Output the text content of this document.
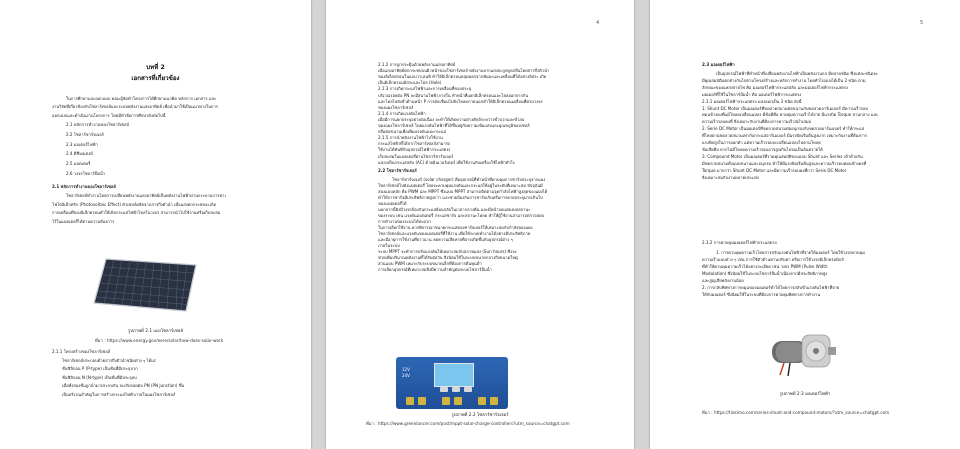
บทที่ 2
เอกสารที่เกี่ยวข้อง
ในการศึกษาและออกแบบ คณะผู้จัดทำโครงการได้ศึกษาแนวคิด หลักการ เอกสาร และ
งานวิจัยที่เกี่ยวข้องกับโซลาร์เซลล์และระบบพลังงานแสงอาทิตย์ เพื่อนำมาใช้เป็นแนวทางในการ
ออกแบบและดำเนินงานโครงการ โดยมีหัวข้อการศึกษาดังต่อไปนี้
2.1 หลักการทำงานของโซลาร์เซลล์
2.2 โซลาร์ชาร์จเจอร์
2.3 มอเตอร์ไฟฟ้า
2.4 ดีซีมอเตอร์
2.5 แบตเตอรี่
2.6 วงจรโซลาร์ปั๊มน้ำ
2.1 หลักการทำงานของโซลาร์เซลล์
โซลาร์เซลล์ทำงานโดยการเปลี่ยนพลังงานแสงอาทิตย์เป็นพลังงานไฟฟ้าผ่านกระบวนการทาง
โฟโตอิเล็กทริก (Photovoltaic Effect) ตัวเซลล์ผลิตจากสารกึ่งตัวนำ เมื่อแสงตกกระทบจะเกิด
การเคลื่อนที่ของอิเล็กตรอนทำให้เกิดกระแสไฟฟ้าไหลในวงจร สามารถนำไปใช้งานหรือเก็บสะสม
ไว้ในแบตเตอรี่ได้ตามความต้องการ
รูปภาพที่ 2.1 แผงโซลาร์เซลล์
ที่มา : https://www.energy.gov/eere/solar/how-does-solar-work
2.1.1 โครงสร้างของโซลาร์เซลล์
โซลาร์เซลล์ประกอบด้วยสารกึ่งตัวนำชนิดต่าง ๆ ได้แก่
ชั้นซิลิกอน P (P-type) เป็นชั้นที่มีประจุบวก
ชั้นซิลิกอน N (N-type) เป็นชั้นที่มีประจุลบ
เมื่อทั้งสองชั้นถูกนำมาประกบกัน จะเกิดรอยต่อ PN (PN Junction) ขึ้น
เป็นบริเวณสำคัญในการสร้างกระแสไฟฟ้าภายในแผงโซลาร์เซลล์
4
2.1.2 การถูกกระตุ้นด้วยพลังงานแสงอาทิตย์
เมื่อแสงอาทิตย์ตกกระทบบนผิวหน้าของโซลาร์เซลล์ พลังงานจากแสงจะถูกดูดกลืนโดยสารกึ่งตัวนำ
ของอิเล็กตรอนในแถบวาเลนซ์ ทำให้อิเล็กตรอนหลุดออกจากพันธะและเคลื่อนที่ได้อย่างอิสระ เกิด
เป็นอิเล็กตรอนอิสระและโฮล (Hole)
2.1.3 การเกิดกระแสไฟฟ้าและการเคลื่อนที่ของประจุ
บริเวณรอยต่อ PN จะมีสนามไฟฟ้าภายใน ทำหน้าที่แยกอิเล็กตรอนและโฮลออกจากกัน
และไหลไปยังขั้วด้านหน้า P การต่อเชื่อมไปยังโหลดภายนอกทำให้อิเล็กตรอนเคลื่อนที่ครบวงจร
ของแผงโซลาร์เซลล์
2.1.4 การเกิดแรงดันไฟฟ้า
เมื่อมีการแยกประจุอย่างต่อเนื่อง จะทำให้เกิดความต่างศักย์ระหว่างขั้วบวกและขั้วลบ
ของแผงโซลาร์เซลล์ โดยแรงดันไฟฟ้าที่ได้ขึ้นอยู่กับความเข้มแสงและอุณหภูมิของเซลล์
หรือต่อขนานเพื่อเพิ่มแรงดันและกระแส
2.1.5 การนำพลังงานไฟฟ้าไปใช้งาน
กระแสไฟฟ้าที่ได้จากโซลาร์เซลล์สามารถ
ใช้งานได้ทันทีกับอุปกรณ์ไฟฟ้ากระแสตรง
เก็บสะสมในแบตเตอรี่ผ่านโซลาร์ชาร์จเจอร์
แปลงเป็นกระแสสลับ (AC) ด้วยอินเวอร์เตอร์ เพื่อใช้งานกับเครื่องใช้ไฟฟ้าทั่วไป
2.2 โซลาร์ชาร์จเจอร์
โซลาร์ชาร์จเจอร์ (solar charger) คืออุปกรณ์ที่ทำหน้าที่ควบคุมการชาร์จประจุจากแผง
โซลาร์เซลล์ไปยังแบตเตอรี่ โดยจะควบคุมแรงดันและกระแสให้อยู่ในระดับที่เหมาะสม ปัจจุบันมี
สองแบบหลัก คือ PWM และ MPPT ซึ่งแบบ MPPT สามารถติดตามจุดกำลังไฟฟ้าสูงสุดของแผงได้
ทำให้การชาร์จมีประสิทธิภาพสูงกว่า และช่วยป้องกันการชาร์จเกินหรือการคายประจุมากเกินไป
ของแบตเตอรี่ได้
นอกจากนี้ยังมีวงจรป้องกันกระแสย้อนกลับในเวลากลางคืน และมีหน้าจอแสดงผลสถานะ
ของระบบ เช่น แรงดันแบตเตอรี่ กระแสชาร์จ และสถานะโหลด ทำให้ผู้ใช้งานสามารถตรวจสอบ
การทำงานของระบบได้สะดวก
ในการเลือกใช้งาน ควรพิจารณาขนาดกระแสของชาร์จเจอร์ให้เหมาะสมกับกำลังของแผง
โซลาร์เซลล์และแรงดันของแบตเตอรี่ที่ใช้งาน เพื่อให้ระบบทำงานได้อย่างมีประสิทธิภาพ
และมีอายุการใช้งานที่ยาวนาน ลดความเสียหายที่อาจเกิดขึ้นกับอุปกรณ์ต่าง ๆ
ภายในระบบ
ระบบ MPPT จะทำการปรับแรงดันให้เหมาะสมกับสภาพแสง (Sun hours) ซึ่งจะ
ช่วยเพิ่มปริมาณพลังงานที่ได้รับต่อวัน จึงนิยมใช้ในระบบขนาดกลางถึงขนาดใหญ่
ส่วนแบบ PWM เหมาะกับระบบขนาดเล็กที่ต้องการต้นทุนต่ำ
การเลือกอุปกรณ์ที่เหมาะสมจึงมีความสำคัญต่อระบบโซลาร์ปั๊มน้ำ
12V
24V
รูปภาพที่ 2.2 โซลาร์ชาร์จเจอร์
ที่มา : https://www.greenlancer.com/post/mppt-solar-charge-controllers?utm_source=chatgpt.com
5
2.3 มอเตอร์ไฟฟ้า
เป็นอุปกรณ์ไฟฟ้าที่ทำหน้าที่เปลี่ยนพลังงานไฟฟ้าเป็นพลังงานกล มีหลายชนิด ซึ่งแต่ละชนิดจะ
มีคุณสมบัติแตกต่างกันไปตามโครงสร้างและหลักการทำงาน โดยทั่วไปแบ่งได้เป็น 2 ชนิด ตาม
ลักษณะของแหล่งจ่ายไฟ คือ มอเตอร์ไฟฟ้ากระแสสลับ และมอเตอร์ไฟฟ้ากระแสตรง
มอเตอร์ที่ใช้ในโซลาร์ปั๊มน้ำ คือ มอเตอร์ไฟฟ้ากระแสตรง
2.3.1 มอเตอร์ไฟฟ้ากระแสตรง แบ่งออกเป็น 3 ชนิด ดังนี้
1. Shunt DC Motor เป็นมอเตอร์ที่ขดลวดสนามต่อขนานกับขดลวดอาร์เมเจอร์ มีความเร็วรอบ
ค่อนข้างคงที่แม้โหลดเปลี่ยนแปลง มีข้อดีคือ ควบคุมความเร็วได้ง่าย มีแรงบิด Torque ปานกลาง และ
ความเร็วรอบคงที่ จึงเหมาะกับงานที่ต้องการความเร็วสม่ำเสมอ
2. Serie DC Motor เป็นมอเตอร์ที่ขดลวดสนามต่ออนุกรมกับขดลวดอาร์เมเจอร์ ทำให้กระแส
ที่ไหลผ่านขดลวดสนามเท่ากับกระแสอาร์เมเจอร์ มีแรงบิดเริ่มต้นสูงมาก เหมาะกับงานที่ต้องการ
แรงบิดสูงในการออกตัว แต่ความเร็วรอบจะเปลี่ยนแปลงไปตามโหลด
ข้อเสียคือ หากไม่มีโหลดความเร็วรอบอาจสูงเกินไปจนเป็นอันตรายได้
3. Compound Motor เป็นมอเตอร์ที่รวมคุณสมบัติของแบบ Shunt และ Series เข้าด้วยกัน
มีขดลวดสนามทั้งแบบขนานและอนุกรม ทำให้มีแรงบิดเริ่มต้นสูงและความเร็วรอบค่อนข้างคงที่
Torque มากกว่า Shunt DC Motor และมีความเร็วรอบคงที่กว่า Serie DC Motor
จึงเหมาะสมกับงานหลายประเภท
2.3.2 การควบคุมมอเตอร์ไฟฟ้ากระแสตรง
1. การควบคุมความเร็วโดยการปรับแรงดันไฟฟ้าที่จ่ายให้มอเตอร์ โดยใช้วงจรควบคุม
ความเร็วแบบต่าง ๆ เช่น การใช้ตัวต้านทานปรับค่า หรือการใช้วงจรอิเล็กทรอนิกส์
ที่ทำให้ควบคุมความเร็วได้อย่างละเอียด เช่น วงจร PWM (Pulse Width
Modulation) ซึ่งนิยมใช้ในระบบโซลาร์ปั๊มน้ำเนื่องจากมีประสิทธิภาพสูง
และสูญเสียพลังงานน้อย
2. การกลับทิศทางการหมุนของมอเตอร์ทำได้โดยการสลับขั้วแรงดันไฟฟ้าที่จ่าย
ให้กับมอเตอร์ ซึ่งนิยมใช้ในระบบที่ต้องการควบคุมทิศทางการทำงาน
รูปภาพที่ 2.3 มอเตอร์ไฟฟ้า
ที่มา : https://tinkimo.com/series-shunt-and-compound-motors/?utm_source=chatgpt.com
